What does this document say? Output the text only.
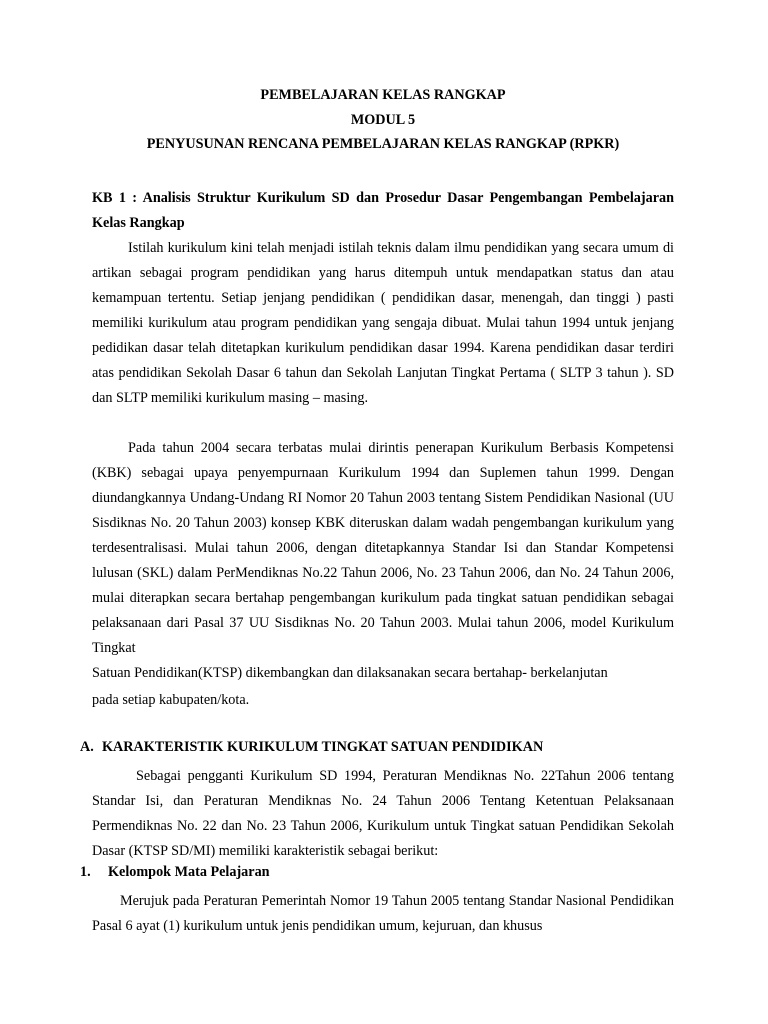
PEMBELAJARAN KELAS RANGKAP

MODUL 5

PENYUSUNAN RENCANA PEMBELAJARAN KELAS RANGKAP (RPKR)

KB 1 : Analisis Struktur Kurikulum SD dan Prosedur Dasar Pengembangan Pembelajaran Kelas Rangkap

Istilah kurikulum kini telah menjadi istilah teknis dalam ilmu pendidikan yang secara umum di artikan sebagai program pendidikan yang harus ditempuh untuk mendapatkan status dan atau kemampuan tertentu. Setiap jenjang pendidikan ( pendidikan dasar, menengah, dan tinggi ) pasti memiliki kurikulum atau program pendidikan yang sengaja dibuat. Mulai tahun 1994 untuk jenjang pedidikan dasar telah ditetapkan kurikulum pendidikan dasar 1994. Karena pendidikan dasar terdiri atas pendidikan Sekolah Dasar 6 tahun dan Sekolah Lanjutan Tingkat Pertama ( SLTP 3 tahun ). SD dan SLTP memiliki kurikulum masing – masing.

Pada tahun 2004 secara terbatas mulai dirintis penerapan Kurikulum Berbasis Kompetensi (KBK) sebagai upaya penyempurnaan Kurikulum 1994 dan Suplemen tahun 1999. Dengan diundangkannya Undang-Undang RI Nomor 20 Tahun 2003 tentang Sistem Pendidikan Nasional (UU Sisdiknas No. 20 Tahun 2003) konsep KBK diteruskan dalam wadah pengembangan kurikulum yang terdesentralisasi. Mulai tahun 2006, dengan ditetapkannya Standar Isi dan Standar Kompetensi lulusan (SKL) dalam PerMendiknas No.22 Tahun 2006, No. 23 Tahun 2006, dan No. 24 Tahun 2006, mulai diterapkan secara bertahap pengembangan kurikulum pada tingkat satuan pendidikan sebagai pelaksanaan dari Pasal 37 UU Sisdiknas No. 20 Tahun 2003. Mulai tahun 2006, model Kurikulum Tingkat

Satuan Pendidikan(KTSP) dikembangkan dan dilaksanakan secara bertahap- berkelanjutan

pada setiap kabupaten/kota.

A. KARAKTERISTIK KURIKULUM TINGKAT SATUAN PENDIDIKAN

Sebagai pengganti Kurikulum SD 1994, Peraturan Mendiknas No. 22Tahun 2006 tentang Standar Isi, dan Peraturan Mendiknas No. 24 Tahun 2006 Tentang Ketentuan Pelaksanaan Permendiknas No. 22 dan No. 23 Tahun 2006, Kurikulum untuk Tingkat satuan Pendidikan Sekolah Dasar (KTSP SD/MI) memiliki karakteristik sebagai berikut:

1. Kelompok Mata Pelajaran

Merujuk pada Peraturan Pemerintah Nomor 19 Tahun 2005 tentang Standar Nasional Pendidikan Pasal 6 ayat (1) kurikulum untuk jenis pendidikan umum, kejuruan, dan khusus
